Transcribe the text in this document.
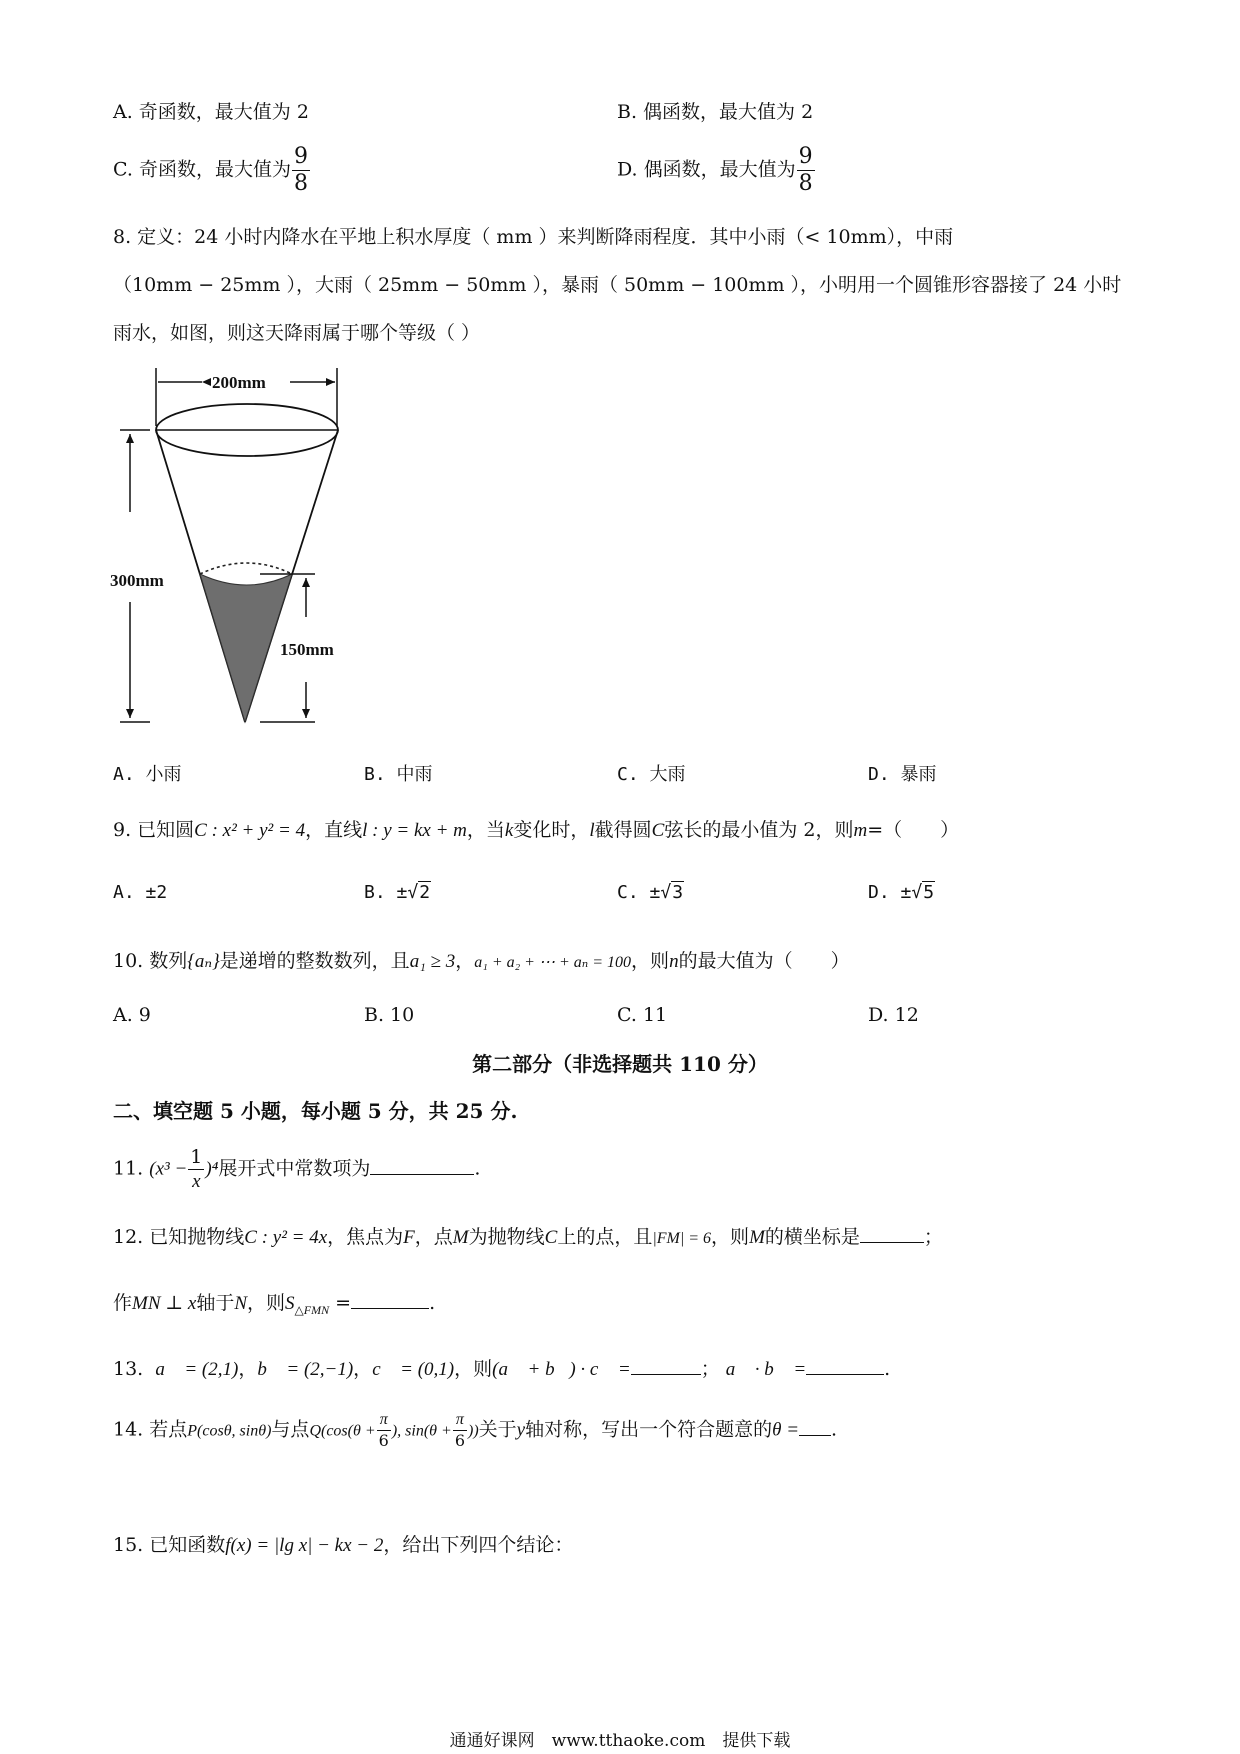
A. 奇函数，最大值为 2	B. 偶函数，最大值为 2
C. 奇函数，最大值为 $\frac{9}{8}$	D. 偶函数，最大值为 $\frac{9}{8}$
8. 定义：24 小时内降水在平地上积水厚度（ mm ）来判断降雨程度．其中小雨（< 10mm），中雨
（10mm − 25mm ），大雨（ 25mm − 50mm ），暴雨（ 50mm − 100mm ），小明用一个圆锥形容器接了 24 小时
雨水，如图，则这天降雨属于哪个等级（ ）
200mm
300mm
150mm
A. 小雨	B. 中雨	C. 大雨	D. 暴雨
9. 已知圆C : x² + y² = 4，直线l : y = kx + m，当k变化时，l截得圆C弦长的最小值为 2，则m=（　　）
A. ±2	B. ±√2	C. ±√3	D. ±√5
10. 数列{aₙ}是递增的整数数列，且a₁ ≥ 3，a₁ + a₂ + ⋯ + aₙ = 100，则n的最大值为（　　）
A. 9	B. 10	C. 11	D. 12
第二部分（非选择题共 110 分）
二、填空题 5 小题，每小题 5 分，共 25 分.
11. $(x^3 - \frac{1}{x} )^4$展开式中常数项为	.
12. 已知抛物线C : y² = 4x，焦点为F，点M为抛物线C上的点，且|FM| = 6，则M的横坐标是	；
作MN ⊥ x轴于N，则$S_{\triangle FMN}$ =	.
13. a⃗ = (2,1)，b⃗ = (2,−1)，c⃗ = (0,1)，则(a⃗ + b⃗) · c⃗ =	； a⃗ · b⃗ =	.
14. 若点P(cosθ, sinθ)与点$Q(\cos(\theta + \frac{\pi}{6}$ ), $\sin(\theta + \frac{\pi}{6}$ ))关于y轴对称，写出一个符合题意的θ = .
15. 已知函数f(x) = |lg x| − kx − 2，给出下列四个结论：
通通好课网　www.tthaoke.com　提供下载
